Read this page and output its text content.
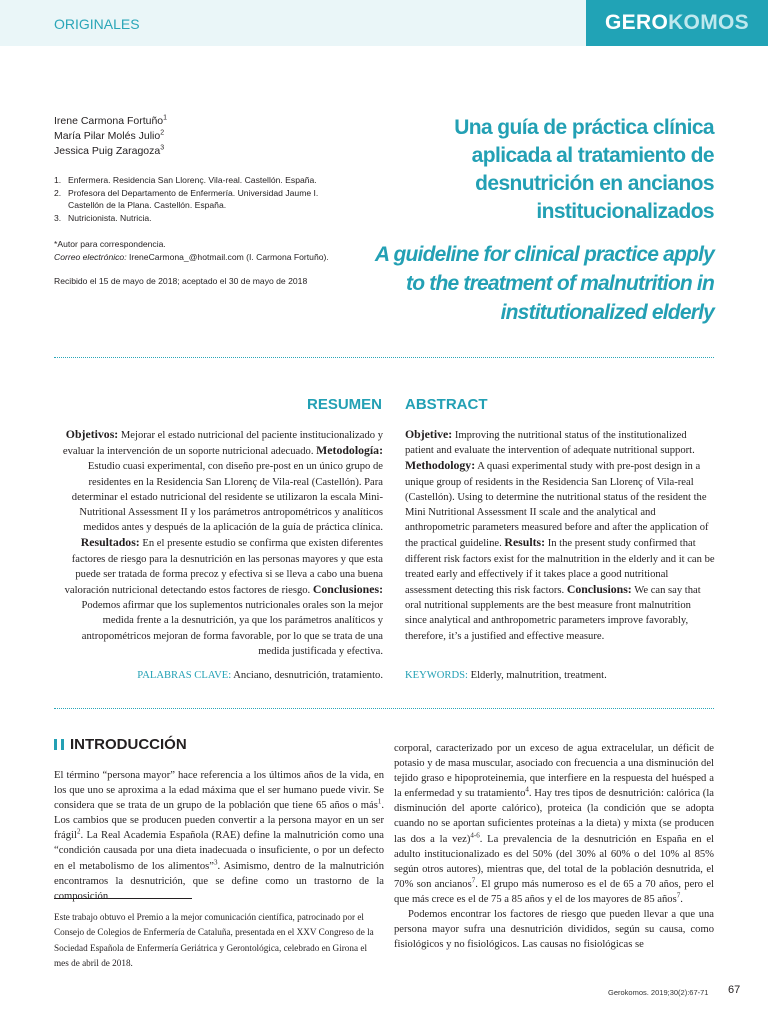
ORIGINALES	GEROKOMOS
Irene Carmona Fortuño$^1$
María Pilar Molés Julio$^2$
Jessica Puig Zaragoza$^3$
1. Enfermera. Residencia San Llorenç. Vila-real. Castellón. España.
2. Profesora del Departamento de Enfermería. Universidad Jaume I. Castellón de la Plana. Castellón. España.
3. Nutricionista. Nutricia.
*Autor para correspondencia.
Correo electrónico: IreneCarmona_@hotmail.com (I. Carmona Fortuño).
Recibido el 15 de mayo de 2018; aceptado el 30 de mayo de 2018
Una guía de práctica clínica aplicada al tratamiento de desnutrición en ancianos institucionalizados
A guideline for clinical practice apply to the treatment of malnutrition in institutionalized elderly
RESUMEN ABSTRACT
Objetivos: Mejorar el estado nutricional del paciente institucionalizado y evaluar la intervención de un soporte nutricional adecuado. Metodología: Estudio cuasi experimental, con diseño pre-post en un único grupo de residentes en la Residencia San Llorenç de Vila-real (Castellón). Para determinar el estado nutricional del residente se utilizaron la escala Mini-Nutritional Assessment II y los parámetros antropométricos y analíticos medidos antes y después de la aplicación de la guía de práctica clínica. Resultados: En el presente estudio se confirma que existen diferentes factores de riesgo para la desnutrición en las personas mayores y que esta puede ser tratada de forma precoz y efectiva si se lleva a cabo una buena valoración nutricional detectando estos factores de riesgo. Conclusiones: Podemos afirmar que los suplementos nutricionales orales son la mejor medida frente a la desnutrición, ya que los parámetros analíticos y antropométricos mejoran de forma favorable, por lo que se trata de una medida justificada y efectiva.
Objetive: Improving the nutritional status of the institutionalized patient and evaluate the intervention of adequate nutritional support. Methodology: A quasi experimental study with pre-post design in a unique group of residents in the Residencia San Llorenç of Vila-real (Castellón). Using to determine the nutritional status of the resident the Mini Nutritional Assessment II scale and the analytical and anthropometric parameters measured before and after the application of the practical guideline. Results: In the present study confirmed that different risk factors exist for the malnutrition in the elderly and it can be treated early and effectively if it takes place a good nutritional assessment detecting this risk factors. Conclusions: We can say that oral nutritional supplements are the best measure front malnutrition since analytical and anthropometric parameters improve favorably, therefore, it’s a justified and effective measure.
PALABRAS CLAVE: Anciano, desnutrición, tratamiento. KEYWORDS: Elderly, malnutrition, treatment.
INTRODUCCIÓN

El término “persona mayor” hace referencia a los últimos años de la vida, en los que uno se aproxima a la edad máxima que el ser humano puede vivir. Se considera que se trata de un grupo de la población que tiene 65 años o más$^1$. Los cambios que se producen pueden convertir a la persona mayor en un ser frágil$^2$. La Real Academia Española (RAE) define la malnutrición como una “condición causada por una dieta inadecuada o insuficiente, o por un defecto en el metabolismo de los alimentos”$^3$. Asimismo, dentro de la malnutrición encontramos la desnutrición, que se define como un trastorno de la composición

corporal, caracterizado por un exceso de agua extracelular, un déficit de potasio y de masa muscular, asociado con frecuencia a una disminución del tejido graso e hipoproteinemia, que interfiere en la respuesta del huésped a la enfermedad y su tratamiento$^4$. Hay tres tipos de desnutrición: calórica (la disminución del aporte calórico), proteica (la condición que se adopta cuando no se aportan suficientes proteínas a la dieta) y mixta (se producen las dos a la vez)$^{4-6}$. La prevalencia de la desnutrición en España en el adulto institucionalizado es del 50% (del 30% al 60% o del 10% al 85% según otros autores), mientras que, del total de la población desnutrida, el 70% son ancianos$^7$. El grupo más numeroso es el de 65 a 70 años, pero el que más crece es el de 75 a 85 años y el de los mayores de 85 años$^7$.

Podemos encontrar los factores de riesgo que pueden llevar a que una persona mayor sufra una desnutrición divididos, según su causa, como fisiológicos y no fisiológicos. Las causas no fisiológicas se

Este trabajo obtuvo el Premio a la mejor comunicación científica, patrocinado por el Consejo de Colegios de Enfermería de Cataluña, presentada en el XXV Congreso de la Sociedad Española de Enfermería Geriátrica y Gerontológica, celebrado en Girona el mes de abril de 2018.
Gerokomos. 2019;30(2):67-71 67
